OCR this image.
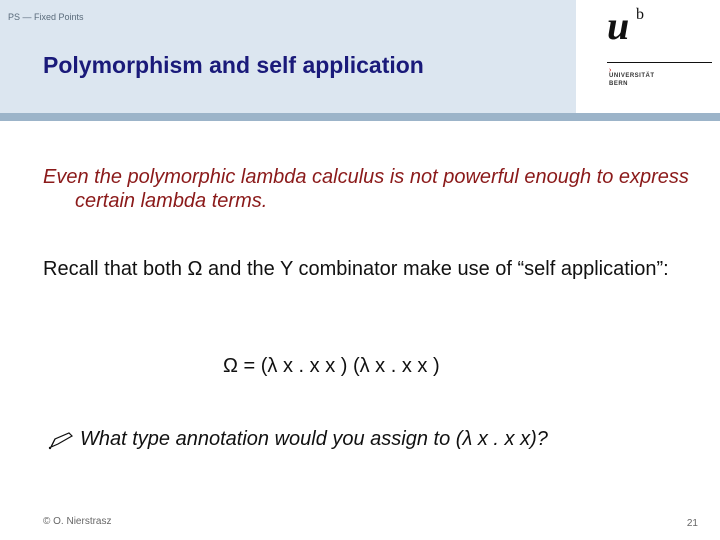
PS — Fixed Points
Polymorphism and self application
u b
›
UNIVERSITÄT
BERN
Even the polymorphic lambda calculus is not powerful enough to express certain lambda terms.
Recall that both Ω and the Y combinator make use of “self application”:
Ω = (λ x . x x ) (λ x . x x )
What type annotation would you assign to (λ x . x x)?
© O. Nierstrasz	21
